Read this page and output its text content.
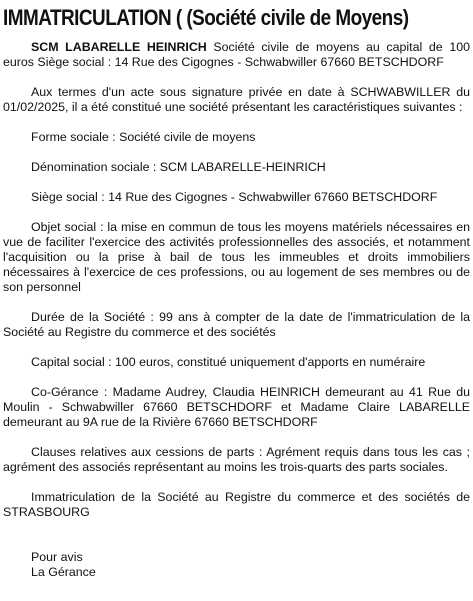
IMMATRICULATION ( (Société civile de Moyens)

SCM LABARELLE HEINRICH Société civile de moyens au capital de 100 euros Siège social : 14 Rue des Cigognes - Schwabwiller 67660 BETSCHDORF

Aux termes d'un acte sous signature privée en date à SCHWABWILLER du 01/02/2025, il a été constitué une société présentant les caractéristiques suivantes :

Forme sociale : Société civile de moyens

Dénomination sociale : SCM LABARELLE-HEINRICH

Siège social : 14 Rue des Cigognes - Schwabwiller 67660 BETSCHDORF

Objet social : la mise en commun de tous les moyens matériels nécessaires en vue de faciliter l'exercice des activités professionnelles des associés, et notamment l'acquisition ou la prise à bail de tous les immeubles et droits immobiliers nécessaires à l'exercice de ces professions, ou au logement de ses membres ou de son personnel

Durée de la Société : 99 ans à compter de la date de l'immatriculation de la Société au Registre du commerce et des sociétés

Capital social : 100 euros, constitué uniquement d'apports en numéraire

Co-Gérance : Madame Audrey, Claudia HEINRICH demeurant au 41 Rue du Moulin - Schwabwiller 67660 BETSCHDORF et Madame Claire LABARELLE demeurant au 9A rue de la Rivière 67660 BETSCHDORF

Clauses relatives aux cessions de parts : Agrément requis dans tous les cas ; agrément des associés représentant au moins les trois-quarts des parts sociales.

Immatriculation de la Société au Registre du commerce et des sociétés de STRASBOURG

Pour avis
La Gérance
